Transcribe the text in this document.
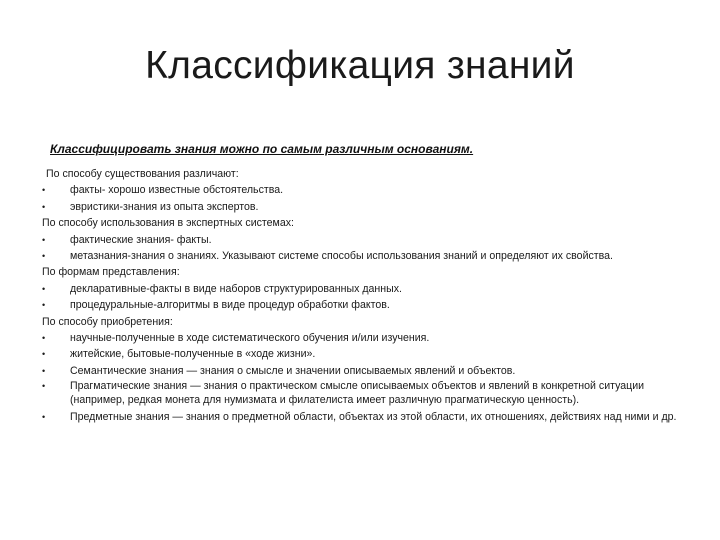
Классификация знаний
Классифицировать знания можно по самым различным основаниям.
По способу существования различают:
• факты- хорошо известные обстоятельства.
• эвристики-знания из опыта экспертов.
По способу использования в экспертных системах:
• фактические знания- факты.
• метазнания-знания о знаниях. Указывают системе способы использования знаний и определяют их свойства.
По формам представления:
• декларативные-факты в виде наборов структурированных данных.
• процедуральные-алгоритмы в виде процедур обработки фактов.
По способу приобретения:
• научные-полученные в ходе систематического обучения и/или изучения.
• житейские, бытовые-полученные в «ходе жизни».
• Семантические знания — знания о смысле и значении описываемых явлений и объектов.
• Прагматические знания — знания о практическом смысле описываемых объектов и явлений в конкретной ситуации (например, редкая монета для нумизмата и филателиста имеет различную прагматическую ценность).
• Предметные знания — знания о предметной области, объектах из этой области, их отношениях, действиях над ними и др.
